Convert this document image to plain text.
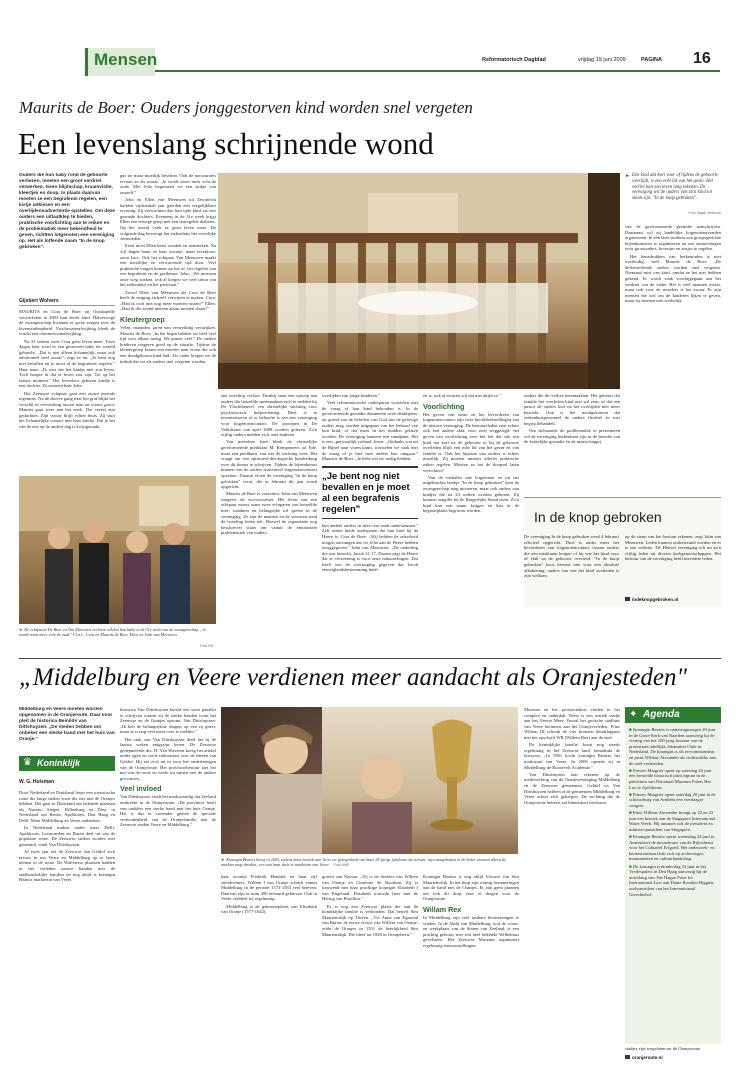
Mensen	Reformatorisch Dagblad	vrijdag 19 juni 2009	PAGINA 16
Maurits de Boer: Ouders jonggestorven kind worden snel vergeten
Een levenslang schrijnende wond
Ouders die hun baby rond de geboorte verliezen, moeten een groot verdriet verwerken. Geen blijdschap, kraamvisite, kleertjes en doop. In plaats daarvan moeten ze een begrafenis regelen, een kistje uitkiezen en een overlijdensadvertentie opstellen. Om deze ouders een uitlaatklep te bieden, praktische voorlichting aan te reiken en de problematiek meer bekendheid te geven, richtten lotgenoten een vereniging op. Het als lotfende naam "In de knop gebroken".
Gijsbert Wolvers

MAURITS en Cora de Boer uit Oostkapelle verwachtten in 2003 hun derde kind. Halverwege de zwangerschap kwamen er grote zorgen over de levensvatbaarheid. Vruchtwaterafwijking bleek de vrucht een chromosoomafwijking.

Na 31 weken voelt Cora geen leven meer. Twee dagen later werd er een gestorven baby ter wereld gebracht. „Dat is niet alleen lichamelijk, maar ook emotioneel heel zwaar", zegt ze nu. „Je bent nog niet bevallen en je moet al de begrafenis regelen." Haar man: „Ik wist dat het kindje niet zou leven. Toch hoopte ik dat er leven zou zijn. Tot op het laatste moment." Het levenloos geboren kindje is een dochter. Ze noemen haar Jelte.

Het Zeeuwse echtpaar gaat een zware periode tegemoet. Na de droeve gang naar het graf blijkt het verschil in verwerking tussen man en vrouw groot. Maurits gaat weer aan het werk. Dat verzet zijn gedachten. Zijn vrouw blijft echter thuis. Zij stuit het lichamelijke contact met haar kindje. Dat je het van de ene op de andere dag is kwijtgeraakt.

pas ter maar moeilijk beseften. Ook de nacontroles ervaart ze als zwaar. „Je wordt nooit meer echt de oude. Met Jelte begrenzen we een stukje van onszelf."

John en Ellen van Meeuwen uit Dordrecht hadden vijftienhalf jaar geleden een vergelijkbare ervaring. Zij verwachten dan hun tijde kind, na vier gezonde dochters. Eveneens in de 31e week krijgt Ellen een ietwige griep met een ontregelde diabetes. Op die avond voelt ze geen leven meer. De volgende dag bevestigt het ziekenhuis het vreselijke vermoeden.

Eerst moet Ellen beter worden en aansterken. Na vijf dagen baart ze haar zoontje, maar levenloos: zoon Jaco. Ook het echtpaar Van Meeuwen maakt een moeilijke en verwarrende tijd door. Veel praktische vragen komen op het af, het regelen van een begrafenis en de grafkeuze. John: „We moesten onze weg zoeken, ook al kregen we veel steun van het ziekenhuis en het pastoraat."

Zowel Ellen van Meeuwen als Cora de Boer heeft de neiging zichzelf verwijten te maken. Cora: „Had ik toch niet nog meer moeten rusten?" Ellen: „Had ik die avond meteen alarm moeten slaan?"

Kleutergroep

Velen, maanden, jaren van verwerking verstrijken. Maurits de Boer: „In het begin hebben we heel veel tijd voor elkaar nodig. We praten veel." De oudere kinderen reageren goed op de situatie. Tijdens de kleutergroep kwam een moeder naar voren die ook een doodgeboren kind had. Als vader kregen we de indruk dat we als ouders snel vergeten worden.

een tweeling verloor. Daarbij staat een oproep aan ouders die hetzelfde meemaakten zich te melden bij De Vluchtheuvel, een christelijke stichting voor psychosociale hulpverlening. Doel is te inventariseren of er behoefte is aan een vereniging voor lotgenotencontact. De oproepen in De Volkskrant van april 2008 worden gelezen. Zo'n vijftig ouders melden zich, met anderen.

Van meerdere kant bleek de christelijke gereformeerde predikant M. Kempeneers uit Ede, maar een predikant, van wie de stichting weet. Het vraagt om een spiritueel-theologische handreiking over dit thema te schrijven. Tijdens de bijeenkomst kunnen van de ouders structureel lotgenotencontact opzetten. Daaruit vloeit de vereniging "In de knop gebroken" voort, die in februari dit jaar wordt opgericht.

Maurits de Boer is voorzitter, John van Meeuwen fungeert als vicevoorzitter. Het leven van een echtpaar moest soms twee echtparen van hetzelfde mee- maakten en belangrijke rol spelen in de vereniging. Ze zijn de mannen en de vrouwen rond de tweeling leden telt. Hoewel de organisatie nog beschreven staan om vanuit de emotionele problematiek van ouders.

overlijden van jonge kinderen."

Veel reformatorische ouderparen worstelen met de vraag of hun kind behouden is. In de gereformeerde gezindte domineren twee denklijnen: op grond van de beloften van God aan de gelovige ouders mag worden uitgegaan van het behoud van hun kind, of dat moet in het midden gelaten worden. De vereniging hanteert een standpunt. Het is een „persoonlijk verhaal, Jezus. „Ondanks wat uit de Bijbel naar voren komt, worstelen we vaak met de vraag of je hier mee anders kan omgaan." Mauritis de Boer. „Je hebt wat we nodig hebben.

„Je bent nog niet bevallen en je moet al een begrafenis regelen"

ken andere ouders in deze tere zaak ondersteunen." Zelf weten beide ouderparen dat hun kind bij de Heere is. Cora de Boer: „Wij hebben de zekerheid mogen ontvangen dat we Jelte aan de Heere hebben teruggegeven." John van Meeuwen: „De onderling die ons besocht, Jacob 31:17. Daarin zegt de Heere dat er verzoening is voor onze nakomelingen. Dat heeft ons de overtuiging gegeven dat Jacob eeuwigheidsbestemming heeft.

en is, ook al ervaren wij dat niet altijd zo."

Voorlichting

Het geven van steun en het bevorderen van lotgenotencontact zijn twee hoofddoelstellingen van de nieuwe vereniging. De bestuursleden zien echter ook een andere taak voor zich weggelegd: het geven van voorlichting over het feit dat ook een kind dat kort na de geboorte of bij de geboorte overleden blijft een echt lid van het gezin en van familie is. Ook het bijstaan van ouders is echter moeilijk. Zij moeten immers allerlei praktische zaken regelen. Moeten ze het de doopsel laten verrichten?

Van de verhalen van lotgenoten en uit het uitgebrachte boekje "In de knop gebroken" kent de zwangerschap mag uitvoeren, maar ook ouders van kindjes die na 24 weken worden geboren. Zij kunnen aangifte bij de Burgerlijke Stand doen. Zo'n kind kan een naam krijgen en kan in de begraafplaats begraven worden.

ouders die dit verlies meemaakten. Het gebeurt dat familie het overleden kind niet wil zien, of dat een pastor de ouders kort na het overlijden niet meer bezoekt. Ook is het noodgekomen dat ziekenhuispersoneel de ouders flexibel en met begrip behandelt.

Om stilstaande de problematiek te presenteren wil de vereniging herkenbaar zijn in de breedte van de kerkelijke gezindte en de maatschappij.

► Een kind dat kort voor of tijdens de geboorte overlijdt, is een echt lid van het gezin. Het verlies kan een leven lang tekenen. De vereniging wil de ouders van zo'n kind tot steun zijn. "In de knop gebroken".
Foto Sjaak Verboom

van de gereformeerde gezindte aanschrijven. Daarnaast wil zij landelijke lotgenotenavonden organiseren. In een later stadium zou groepsgerichte bijeenkomsten te organiseren en om ontmoetingen voor grootouders, broertjes en zusjes te regelen.

Het benadrukken van kerkenraden is niet overbodig, stelt Maurits de Boer. „De desbetreffende ouders worden snel vergeten. Niemand mist ons kind, omdat ze het niet hebben gekend. Er wordt vaak voorbijgegaan aan het verdriet van de vader. Het is veel mannen zwaar, maar ook voor de moeders is het zwaar. Er zijn mensen die wel om de kinderen lijken te geven, maar zij steunen niet werkelijk.

In de knop gebroken

De vereniging In de knop gebroken werd 4 februari officieel opgericht. Doel is onder meer het bevorderen van lotgenotencontact tussen ouders die een miskraam kregen of bij wie het kind voor of vlak na de geboorte overleed. "In de knop gebroken" koos bewust niet voor een absolute afbakening: ouders van wie het kind overleden is zijn welkom.

op de steun van het bestuur rekenen, zegt John van Meeuwen. Leden kunnen ondersteund worden en er is een website. De Heuvel vereniging telt nu zo'n vijftig leden uit diverse kerkgenootschappen. Het bestuur van de vereniging heeft meerdere leden.

indeknopgebroken.nl
► De echtparen De Boer en Van Meeuwen verloren allebei hun baby in de 31e week van de zwangerschap. „Je wordt nooit meer echt de oude" V.l.n.r.: Cora en Maurits de Boer, Ellen en John van Meeuwen.
Foto RD
„Middelburg en Veere verdienen meer aandacht als Oranjesteden"
Middelburg en Veere moeten worden opgenomen in de Oranjeroute. Daar voor pleit de historica Beinilds van Dittshuyzen. „De steden hebben om onbeker een sterke band met het huis van Oranje."
♛ Koninklijk
W. G. Hulsman

Door Nederland en Duitsland loopt een toeristische route die langs steden voert die iets met de Oranjes hebben. Het gaat in Duitsland om bekende plaatsen als Nassau, Siegen, Dillenburg en Diez, in Nederland om Breda, Apeldoorn, Den Haag en Delft. Maar Middelburg en Veere ontbreken.

In Nederland maken onder meer Delft, Apeldoorn, Leeuwarden en Buren deel uit van de populaire route. De Zeeuwse steden worden niet genoemd, vindt Van Dittshuyzen.

Al twee jaar zet de Zeeuwse Jan Geldof zich ervoor in om Veere en Middelburg op te laten nemen in de route. De Walcherse plaatsen hadden in het verleden nauwe banden met de stadhouderlijke families en nog altijd is koningin Beatrix markiezin van Veere.

historica Van Dittshuyzen bereid een soort pamflet te schrijven waarin zij de sterke banden toont het Zeeuwse en de Oranjes opsomt. Van Dittshuyzen: „Ik heb de belangrijkste dingen op een rij gezet, maar er is nog veel meer over te melden."

Het stuk van Van Dittshuyzen deed het tij de laatste weken enigszins keren. De Zeeuwse gedeputeerde drs. H. Van Waveren kreeg het artikel onder ogen en werd enthousiast over de ideeën van Geldof. Hij zet zich nu in voor het onderbrengen van de Oranjeroute. Het provinciebestuur ziet het nut van de route en werkt nu samen met de andere provincies.

Veel invloed

Van Dittshuyzen vindt het merkwaardig dat Zeeland ontbreekt in de Oranjeroute. „De provincie heeft van oudsher een sterke band met het huis Oranje. Het is dus te vreemder gezien de speciale verbondenheid van de Oranjefamilie met de Zeeuwse steden Veere en Middelburg."

haar zoontje Frederik Hendrik en haar vijf stiefdochters. Willem I van Oranje schrijft vanuit Middelburg in de periode 1573-1583 veel brieven. Daarvan zijn er ruim 300 bewaard gebleven. Ook in Veere verbleef hij regelmatig.

Middelburg is de geboorteplaats van Elisabeth van Oranje (1577-1642).

gravin van Nassau. „Zij is de dochter van Willem van Oranje en Charlotte de Bourbon. Zij is trouwend met haar prachtige koningin Elisabeth I van Engeland. Elisabeth trouwde later met de Hertog van Bouillon."

Er is nog een Zeeuwse plaats die aan de koninklijke familie is verbonden. Dat betreft Sint Maartensdijk op Tholen. „Via Anna van Egmond van Buren, de eerste vrouw van Willem van Oranje, erfde de Oranjes in 1551 de heerlijkheid Sint Maartensdijk. Die bleef tot 1828 in Oranjebezit."

► Koningin Beatrix kreeg in 2005, tijdens haar bezoek aan Veere ter gelegenheid van haar 25-jarige jubileum als vorstin, wijn aangeboden in de beker waaruit alleen de markies mag drinken; een van haar titels is markiezin van Veere. Foto ANP

Koningin Beatrix is nog altijd Vrouwe van Sint Maartensdijk. In het dorp zijn weinig herinneringen aan de band met de Oranjes. Er zijn geen plannen om ook dit dorp voor te dragen voor de Oranjeroute.

Willam Rex

In Middelburg zijn veel tastbare herinneringen te vinden. In de Abdij van Middelburg, ooit de woon- en werkplaats van de Staten van Zeeland, is een prachtig gebouw met een heel bekende Wilhelmus gevelsteen. Het Zeeuwse Museum organiseert regelmatig tentoonstellingen.

Museum en het provinciehuis vinden in het complex en onderdak. Veere is een rustiek stadje aan het Veerse Meer. Vooral het gotische stadhuis van Veere herinnert aan het Oranjeverleden. Prins Willem III schonk de vier bronzen deurkloppers met het opschrift WR (Willem Rex) aan de stad.

De koninklijke familie komt nog steeds regelmatig in het Zeeuwse land, benadrukt de historica. „In 1981 kocht koningin Beatrix het markizaat van Veere. In 2006 opende zij in Middelburg de Roosevelt Academie."

Van Dittshuyzen kan rekenen op de medewerking van de Oranjevereniging Middelburg en de Zeeuwse gemeenten. Geldof en Van Dittshuyzen hebben al de gemeenten Middelburg en Veere achter zich gekregen. De stichting die de Oranjeroute beheert zal binnenkort beslissen.

✦ Agenda

■ Koningin Beatrix is natertzagmorgen 20 juni in de Grote Kerk van Naarden aanwezig bij de viering van het 100-jarig bestaan van de protestants adellijke Johanniter Orde in Nederland. De koningin is als erecommandeur en prins Willem-Alexander als rechtsridder aan de orde verbonden.

■ Prinses Margriet opent op zaterdag 20 juni een herstelde historisch uitzichtpunt in de paleistuin van Nationaal Museum Paleis Het Loo te Apeldoorn.

■ Prinses Margriet opent zaterdag 20 juni in de schouwburg van Arnhem een vierdaagse congres.

■ Prins Willem-Alexander brengt op 22 en 23 juni een bezoek aan de Singapore International Water Week. Hij ontmoet ook de president en minister-president van Singapore.

■ Koningin Beatrix opent woensdag 24 juni in Amersfoort de nieuwbouw van de Rijksdienst voor het Cultureel Erfgoed. Het onderzoek- en kenniscentrum richt zich op archeologie, monumenten en cultuurlandschap.

■ De koningin is donderdag 25 juni in het Vredespaleis in Den Haag aanwezig bij de uitreiking van The Hague Prize for International Law aan Dame Rosalyn Higgins, oud-president van het Internationaal Gerechtshof.

stadjes zijn toegelaten tot de Oranjeroute.
oranjeroute.nl
